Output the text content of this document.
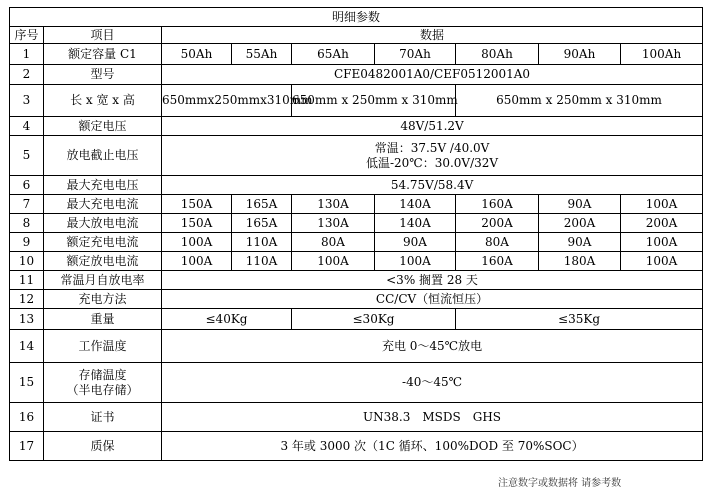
明细参数								
序号	项目	数据						
1	额定容量 C1	50Ah	55Ah	65Ah	70Ah	80Ah	90Ah	100Ah
2	型号	CFE0482001A0/CEF0512001A0						
3	长 x 宽 x 高	650mmx250mmx310mm		650mm x 250mm x 310mm		650mm x 250mm x 310mm		
4	额定电压	48V/51.2V						
5	放电截止电压	常温：37.5V /40.0V
低温-20℃：30.0V/32V						

6	最大充电电压	54.75V/58.4V						
7	最大充电电流	150A	165A	130A	140A	160A	90A	100A
8	最大放电电流	150A	165A	130A	140A	200A	200A	200A
9	额定充电电流	100A	110A	80A	90A	80A	90A	100A
10	额定放电电流	100A	110A	100A	100A	160A	180A	100A
11	常温月自放电率	<3% 搁置 28 天						
12	充电方法	CC/CV（恒流恒压）						
13	重量	≤40Kg		≤30Kg		≤35Kg		
14	工作温度	充电 0～45℃放电						
15	存储温度
（半电存储）	-40～45℃						
16	证书	UN38.3　MSDS　GHS						
17	质保	3 年或 3000 次（1C 循环、100%DOD 至 70%SOC）						
注意数字或数据将 请参考数
